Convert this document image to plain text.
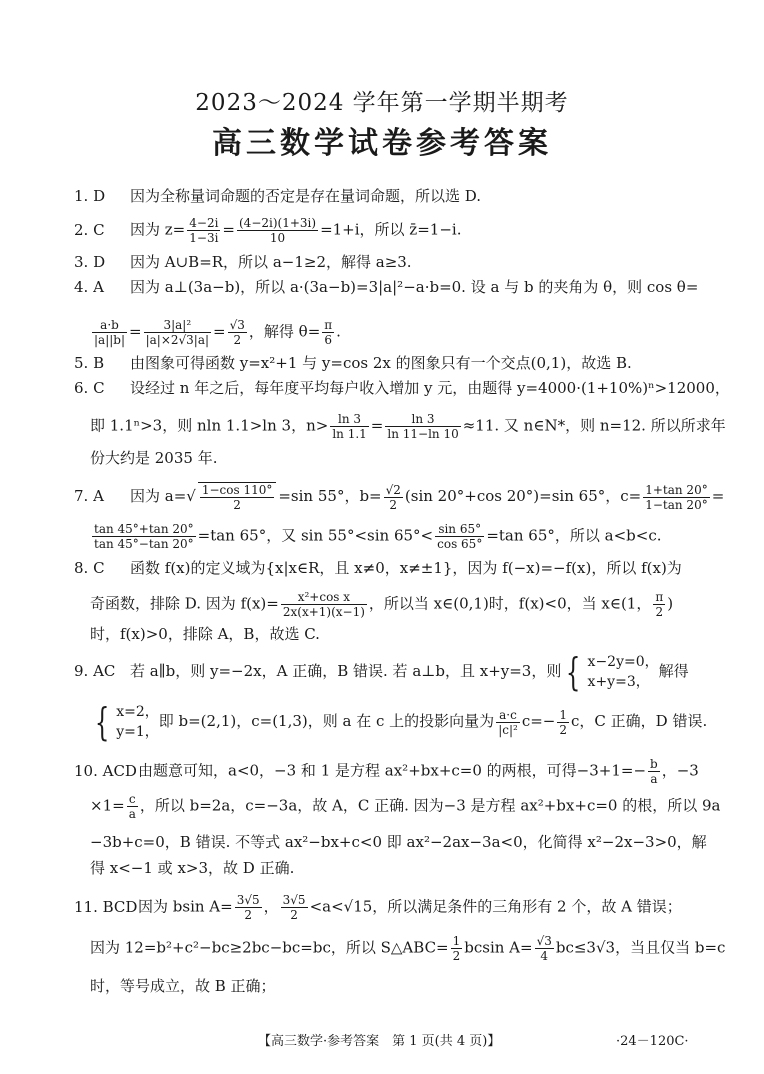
2023～2024 学年第一学期半期考
高三数学试卷参考答案
1. D 因为全称量词命题的否定是存在量词命题，所以选 D.
2. C 因为 $z= \frac{4-2i}{1-3i} = \frac{(4-2i)(1+3i)}{10} =1+i$，所以 z̄=1−i.
3. D 因为 A∪B=R，所以 a−1≥2，解得 a≥3.
4. A 因为 a⊥(3a−b)，所以 a·(3a−b)=3|a|²−a·b=0. 设 a 与 b 的夹角为 θ，则 cos θ=
$\frac{a\cdot b}{|a||b|} = \frac{\text{3|a|²}}{|a|\times 2√3|a|} = \frac{√3}{2}$ ，解得 $\theta= \frac{\pi}{6}$ .
5. B 由图象可得函数 y=x²+1 与 y=cos 2x 的图象只有一个交点(0,1)，故选 B.
6. C 设经过 n 年之后，每年度平均每户收入增加 y 元，由题得 y=4000·(1+10%)ⁿ>12000，
即 1.1ⁿ>3，则 nln 1.1>ln 3，$n> \frac{\ln 3}{\ln 1.1} = \frac{\ln 3}{\ln 11-\ln 10} \approx 11$. 又 n∈N*，则 n=12. 所以所求年
份大约是 2035 年.
7. A 因为 $a=√ \frac{1-\cos 110^\circ}{2} =\sin$ 55°，$b= \frac{√2}{2} (\sin$ 20°+cos 20°)=sin 65°，$c= \frac{1+\tan 20^\circ}{1-\tan 20^\circ}$ =
$\frac{\tan 45^\circ+\tan 20^\circ}{\tan 45^\circ-\tan 20^\circ} =\tan$ 65°，又 sin 55°<sin $65^\circ< \frac{\sin 65^\circ}{\cos 65^\circ} =\tan$ 65°，所以 a<b<c.
8. C 函数 f(x)的定义域为{x|x∈R，且 x≠0，x≠±1}，因为 f(−x)=−f(x)，所以 f(x)为
奇函数，排除 D. 因为 $f(x)= \frac{\text{x²+cos x}}{2x(x+1)(x-1)}$ ，所以当 x∈(0,1)时，f(x)<0，当 x∈(1， $\frac{\pi}{2}$ )
时，f(x)>0，排除 A，B，故选 C.
9. AC 若 a∥b，则 y=−2x，A 正确，B 错误. 若 a⊥b，且 x+y=3，则 { x−2y=0，
x+y=3，
解得
{ x=2，
y=1，
即 b=(2,1)，c=(1,3)，则 a 在 c 上的投影向量为 $\frac{a\cdot c}{\text{|c|²}} c=- \frac{1}{2}$ c，C 正确，D 错误.
10. ACD由题意可知，a<0，−3 和 1 是方程 ax²+bx+c=0 的两根，可得$-3+1=- \frac{b}{a}$ ，−3
$\times 1= \frac{c}{a}$ ，所以 b=2a，c=−3a，故 A，C 正确. 因为−3 是方程 ax²+bx+c=0 的根，所以 9a
−3b+c=0，B 错误. 不等式 ax²−bx+c<0 即 ax²−2ax−3a<0，化简得 x²−2x−3>0，解
得 x<−1 或 x>3，故 D 正确.
11. BCD因为 bsin $A= \frac{3√5}{2}$ ， $\frac{3√5}{2} <a<√15$，所以满足条件的三角形有 2 个，故 A 错误；
因为 12=b²+c²−bc≥2bc−bc=bc，所以 S△ABC= $\frac{1}{2}$ bcsin $A= \frac{√3}{4} bc\le 3√3$，当且仅当 b=c
时，等号成立，故 B 正确；
【高三数学·参考答案　第 1 页(共 4 页)】	·24－120C·
